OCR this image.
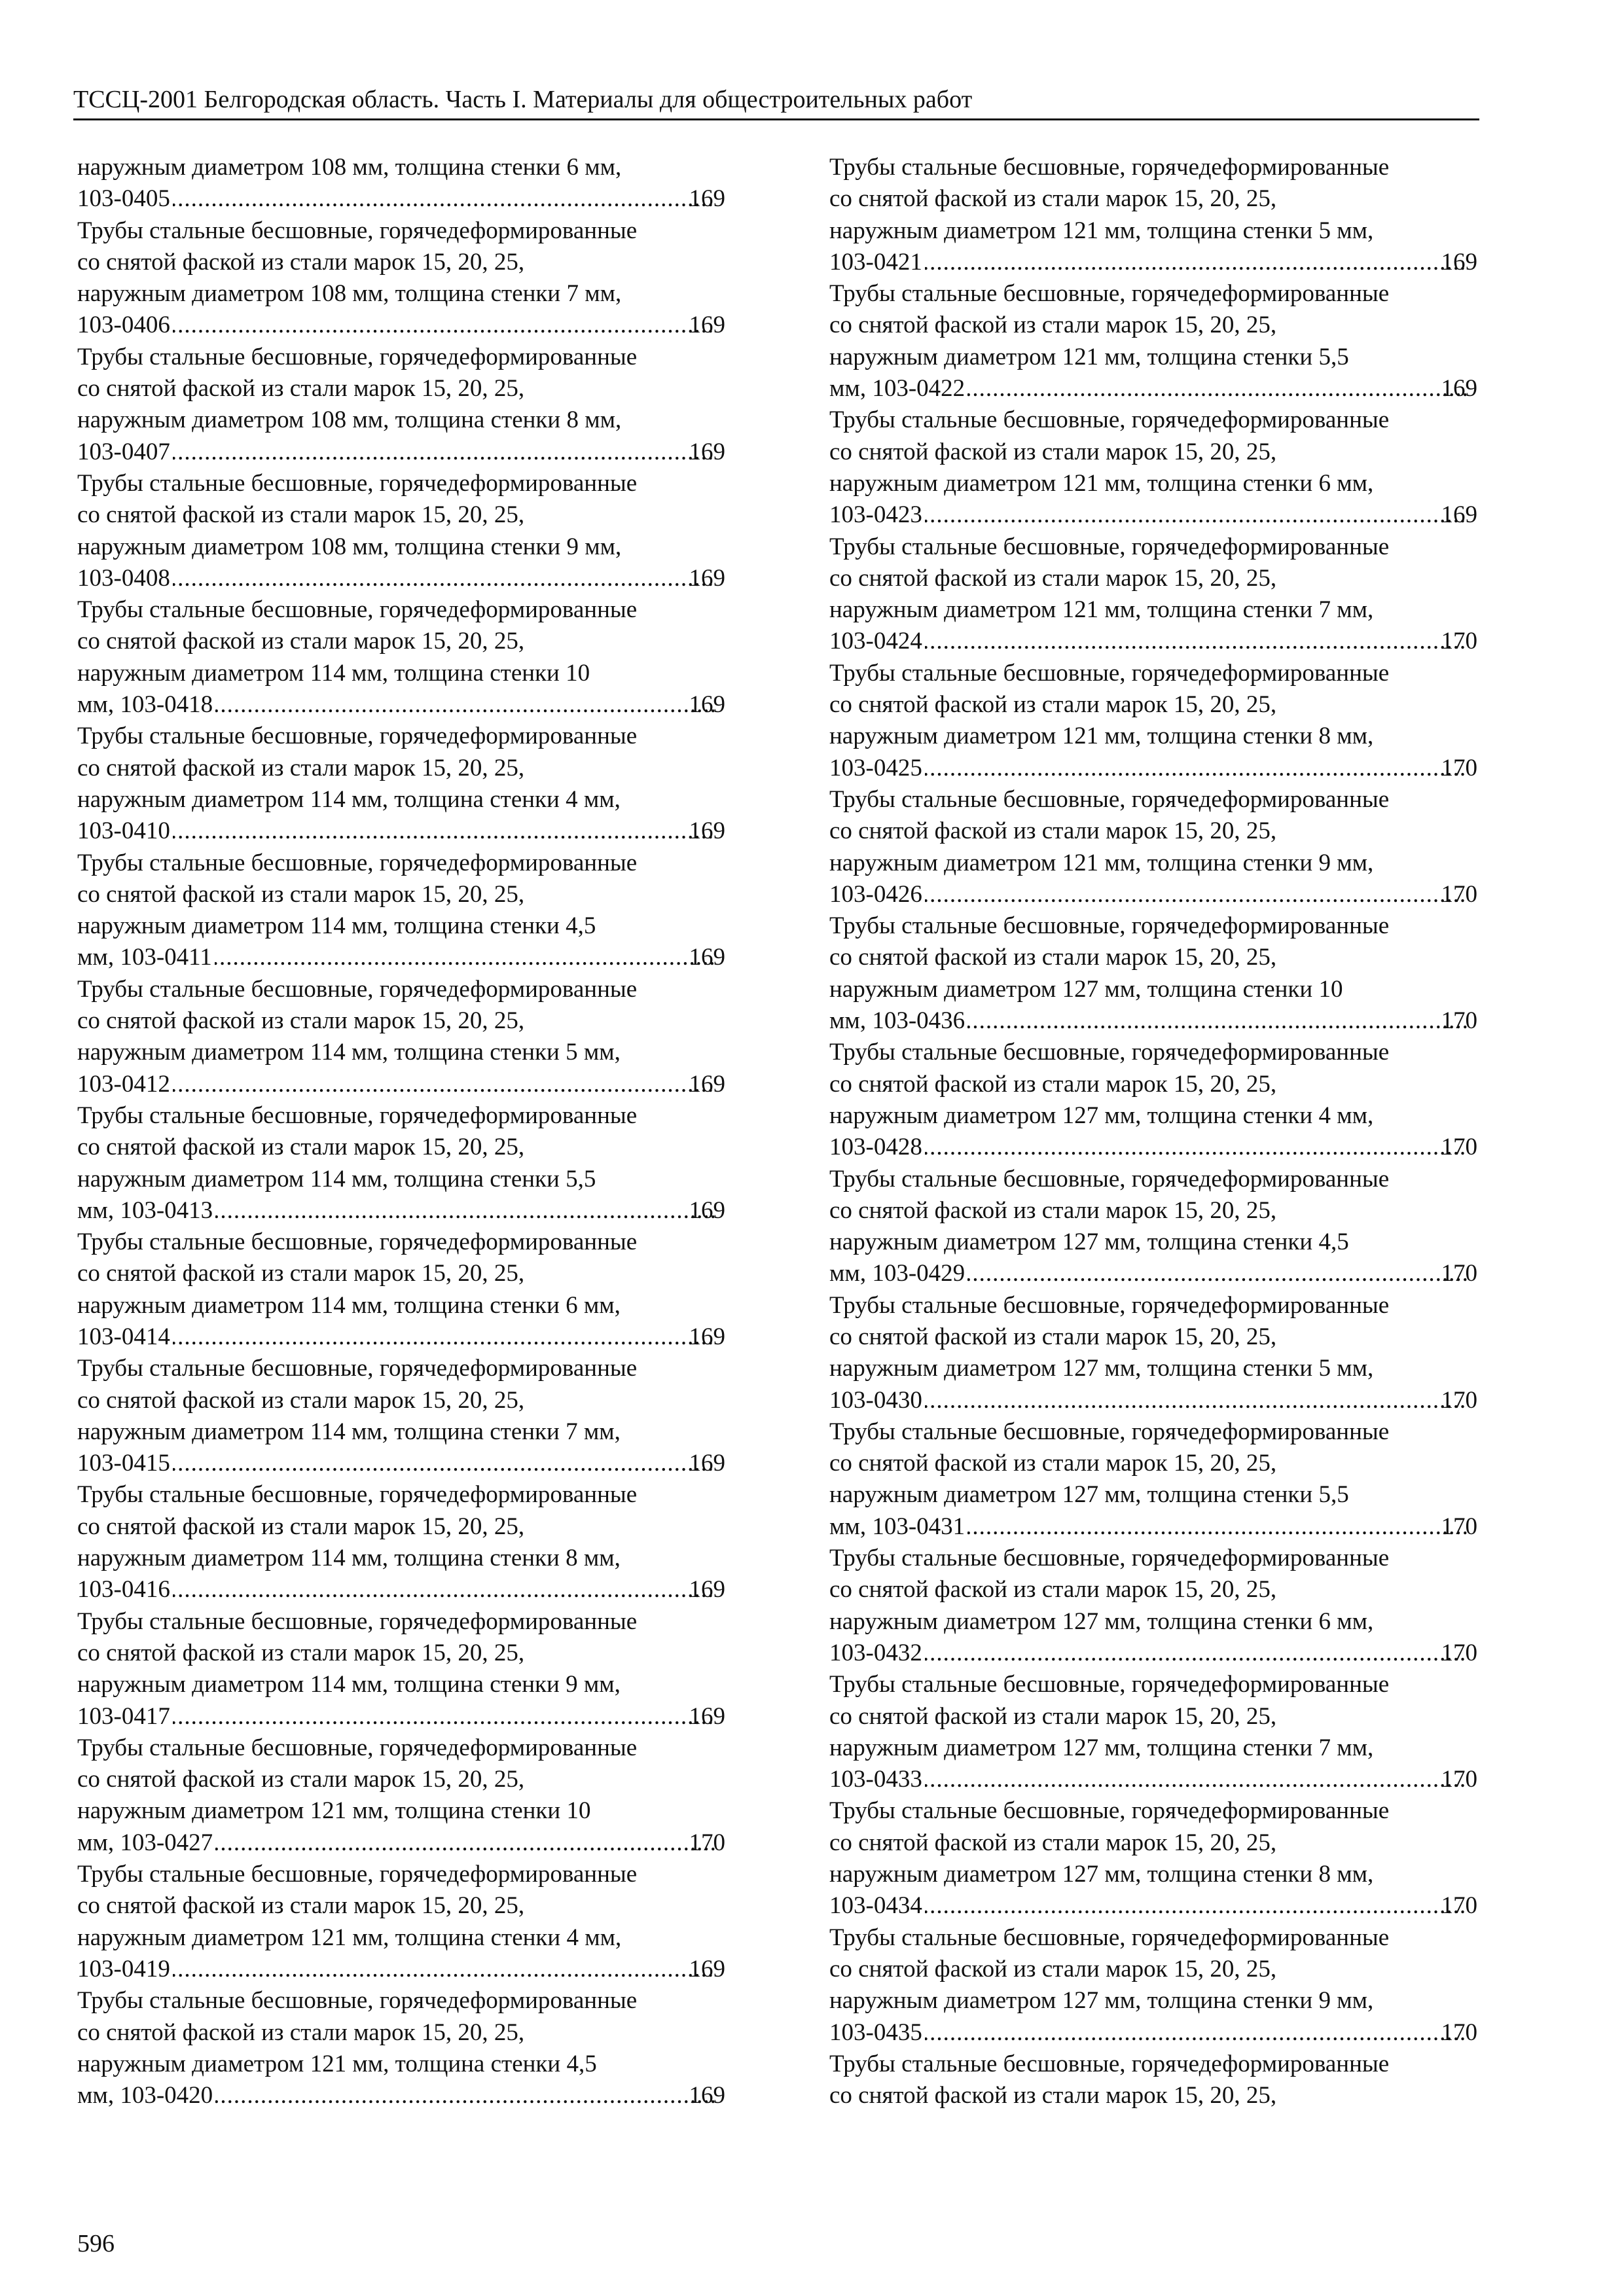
ТССЦ-2001 Белгородская область. Часть I. Материалы для общестроительных работ

наружным диаметром 108 мм, толщина стенки 6 мм,
103-0405 .....	169

Трубы стальные бесшовные, горячедеформированные
со снятой фаской из стали марок 15, 20, 25,
наружным диаметром 108 мм, толщина стенки 7 мм,
103-0406 .....	169

Трубы стальные бесшовные, горячедеформированные
со снятой фаской из стали марок 15, 20, 25,
наружным диаметром 108 мм, толщина стенки 8 мм,
103-0407 .....	169

Трубы стальные бесшовные, горячедеформированные
со снятой фаской из стали марок 15, 20, 25,
наружным диаметром 108 мм, толщина стенки 9 мм,
103-0408 .....	169

Трубы стальные бесшовные, горячедеформированные
со снятой фаской из стали марок 15, 20, 25,
наружным диаметром 114 мм, толщина стенки 10
мм, 103-0418 .....	169

Трубы стальные бесшовные, горячедеформированные
со снятой фаской из стали марок 15, 20, 25,
наружным диаметром 114 мм, толщина стенки 4 мм,
103-0410 .....	169

Трубы стальные бесшовные, горячедеформированные
со снятой фаской из стали марок 15, 20, 25,
наружным диаметром 114 мм, толщина стенки 4,5
мм, 103-0411 .....	169

Трубы стальные бесшовные, горячедеформированные
со снятой фаской из стали марок 15, 20, 25,
наружным диаметром 114 мм, толщина стенки 5 мм,
103-0412 .....	169

Трубы стальные бесшовные, горячедеформированные
со снятой фаской из стали марок 15, 20, 25,
наружным диаметром 114 мм, толщина стенки 5,5
мм, 103-0413 .....	169

Трубы стальные бесшовные, горячедеформированные
со снятой фаской из стали марок 15, 20, 25,
наружным диаметром 114 мм, толщина стенки 6 мм,
103-0414 .....	169

Трубы стальные бесшовные, горячедеформированные
со снятой фаской из стали марок 15, 20, 25,
наружным диаметром 114 мм, толщина стенки 7 мм,
103-0415 .....	169

Трубы стальные бесшовные, горячедеформированные
со снятой фаской из стали марок 15, 20, 25,
наружным диаметром 114 мм, толщина стенки 8 мм,
103-0416 .....	169

Трубы стальные бесшовные, горячедеформированные
со снятой фаской из стали марок 15, 20, 25,
наружным диаметром 114 мм, толщина стенки 9 мм,
103-0417 .....	169

Трубы стальные бесшовные, горячедеформированные
со снятой фаской из стали марок 15, 20, 25,
наружным диаметром 121 мм, толщина стенки 10
мм, 103-0427 .....	170

Трубы стальные бесшовные, горячедеформированные
со снятой фаской из стали марок 15, 20, 25,
наружным диаметром 121 мм, толщина стенки 4 мм,
103-0419 .....	169

Трубы стальные бесшовные, горячедеформированные
со снятой фаской из стали марок 15, 20, 25,
наружным диаметром 121 мм, толщина стенки 4,5
мм, 103-0420 .....	169

Трубы стальные бесшовные, горячедеформированные
со снятой фаской из стали марок 15, 20, 25,
наружным диаметром 121 мм, толщина стенки 5 мм,
103-0421 .....	169

Трубы стальные бесшовные, горячедеформированные
со снятой фаской из стали марок 15, 20, 25,
наружным диаметром 121 мм, толщина стенки 5,5
мм, 103-0422 .....	169

Трубы стальные бесшовные, горячедеформированные
со снятой фаской из стали марок 15, 20, 25,
наружным диаметром 121 мм, толщина стенки 6 мм,
103-0423 .....	169

Трубы стальные бесшовные, горячедеформированные
со снятой фаской из стали марок 15, 20, 25,
наружным диаметром 121 мм, толщина стенки 7 мм,
103-0424 .....	170

Трубы стальные бесшовные, горячедеформированные
со снятой фаской из стали марок 15, 20, 25,
наружным диаметром 121 мм, толщина стенки 8 мм,
103-0425 .....	170

Трубы стальные бесшовные, горячедеформированные
со снятой фаской из стали марок 15, 20, 25,
наружным диаметром 121 мм, толщина стенки 9 мм,
103-0426 .....	170

Трубы стальные бесшовные, горячедеформированные
со снятой фаской из стали марок 15, 20, 25,
наружным диаметром 127 мм, толщина стенки 10
мм, 103-0436 .....	170

Трубы стальные бесшовные, горячедеформированные
со снятой фаской из стали марок 15, 20, 25,
наружным диаметром 127 мм, толщина стенки 4 мм,
103-0428 .....	170

Трубы стальные бесшовные, горячедеформированные
со снятой фаской из стали марок 15, 20, 25,
наружным диаметром 127 мм, толщина стенки 4,5
мм, 103-0429 .....	170

Трубы стальные бесшовные, горячедеформированные
со снятой фаской из стали марок 15, 20, 25,
наружным диаметром 127 мм, толщина стенки 5 мм,
103-0430 .....	170

Трубы стальные бесшовные, горячедеформированные
со снятой фаской из стали марок 15, 20, 25,
наружным диаметром 127 мм, толщина стенки 5,5
мм, 103-0431 .....	170

Трубы стальные бесшовные, горячедеформированные
со снятой фаской из стали марок 15, 20, 25,
наружным диаметром 127 мм, толщина стенки 6 мм,
103-0432 .....	170

Трубы стальные бесшовные, горячедеформированные
со снятой фаской из стали марок 15, 20, 25,
наружным диаметром 127 мм, толщина стенки 7 мм,
103-0433 .....	170

Трубы стальные бесшовные, горячедеформированные
со снятой фаской из стали марок 15, 20, 25,
наружным диаметром 127 мм, толщина стенки 8 мм,
103-0434 .....	170

Трубы стальные бесшовные, горячедеформированные
со снятой фаской из стали марок 15, 20, 25,
наружным диаметром 127 мм, толщина стенки 9 мм,
103-0435 .....	170

Трубы стальные бесшовные, горячедеформированные
со снятой фаской из стали марок 15, 20, 25,

596
